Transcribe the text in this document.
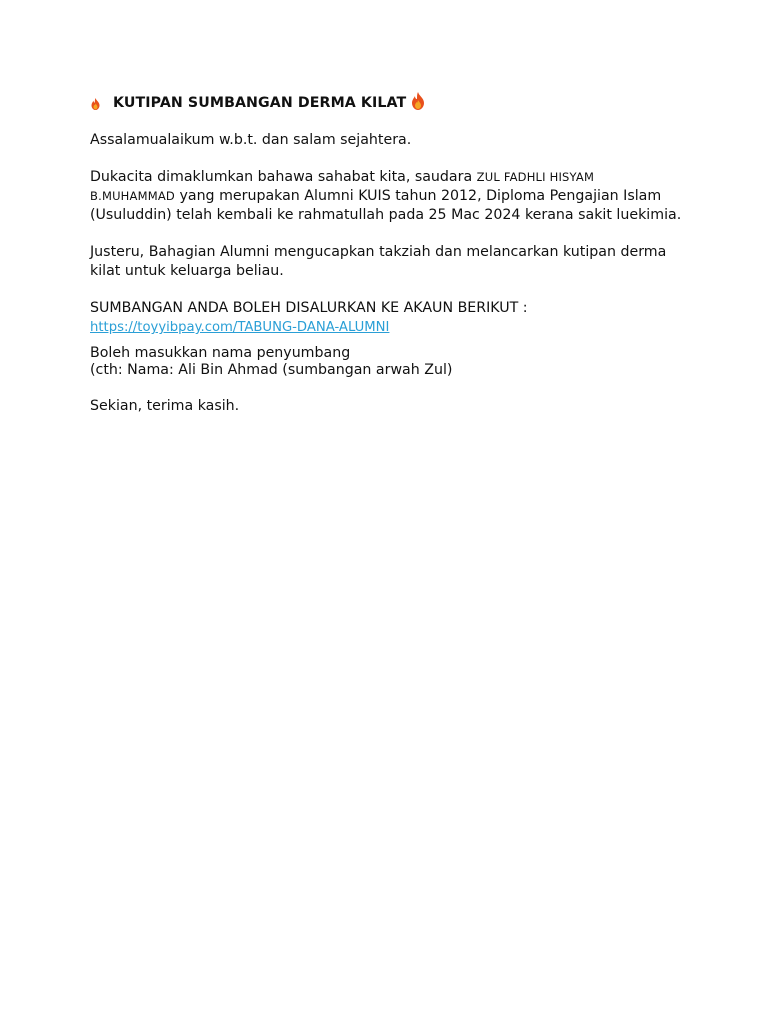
KUTIPAN SUMBANGAN DERMA KILAT

Assalamualaikum w.b.t. dan salam sejahtera.

Dukacita dimaklumkan bahawa sahabat kita, saudara ZUL FADHLI HISYAM
B.MUHAMMAD yang merupakan Alumni KUIS tahun 2012, Diploma Pengajian Islam (Usuluddin) telah kembali ke rahmatullah pada 25 Mac 2024 kerana sakit luekimia.

Justeru, Bahagian Alumni mengucapkan takziah dan melancarkan kutipan derma kilat untuk keluarga beliau.

SUMBANGAN ANDA BOLEH DISALURKAN KE AKAUN BERIKUT :

https://toyyibpay.com/TABUNG-DANA-ALUMNI

Boleh masukkan nama penyumbang

(cth: Nama: Ali Bin Ahmad (sumbangan arwah Zul)

Sekian, terima kasih.
